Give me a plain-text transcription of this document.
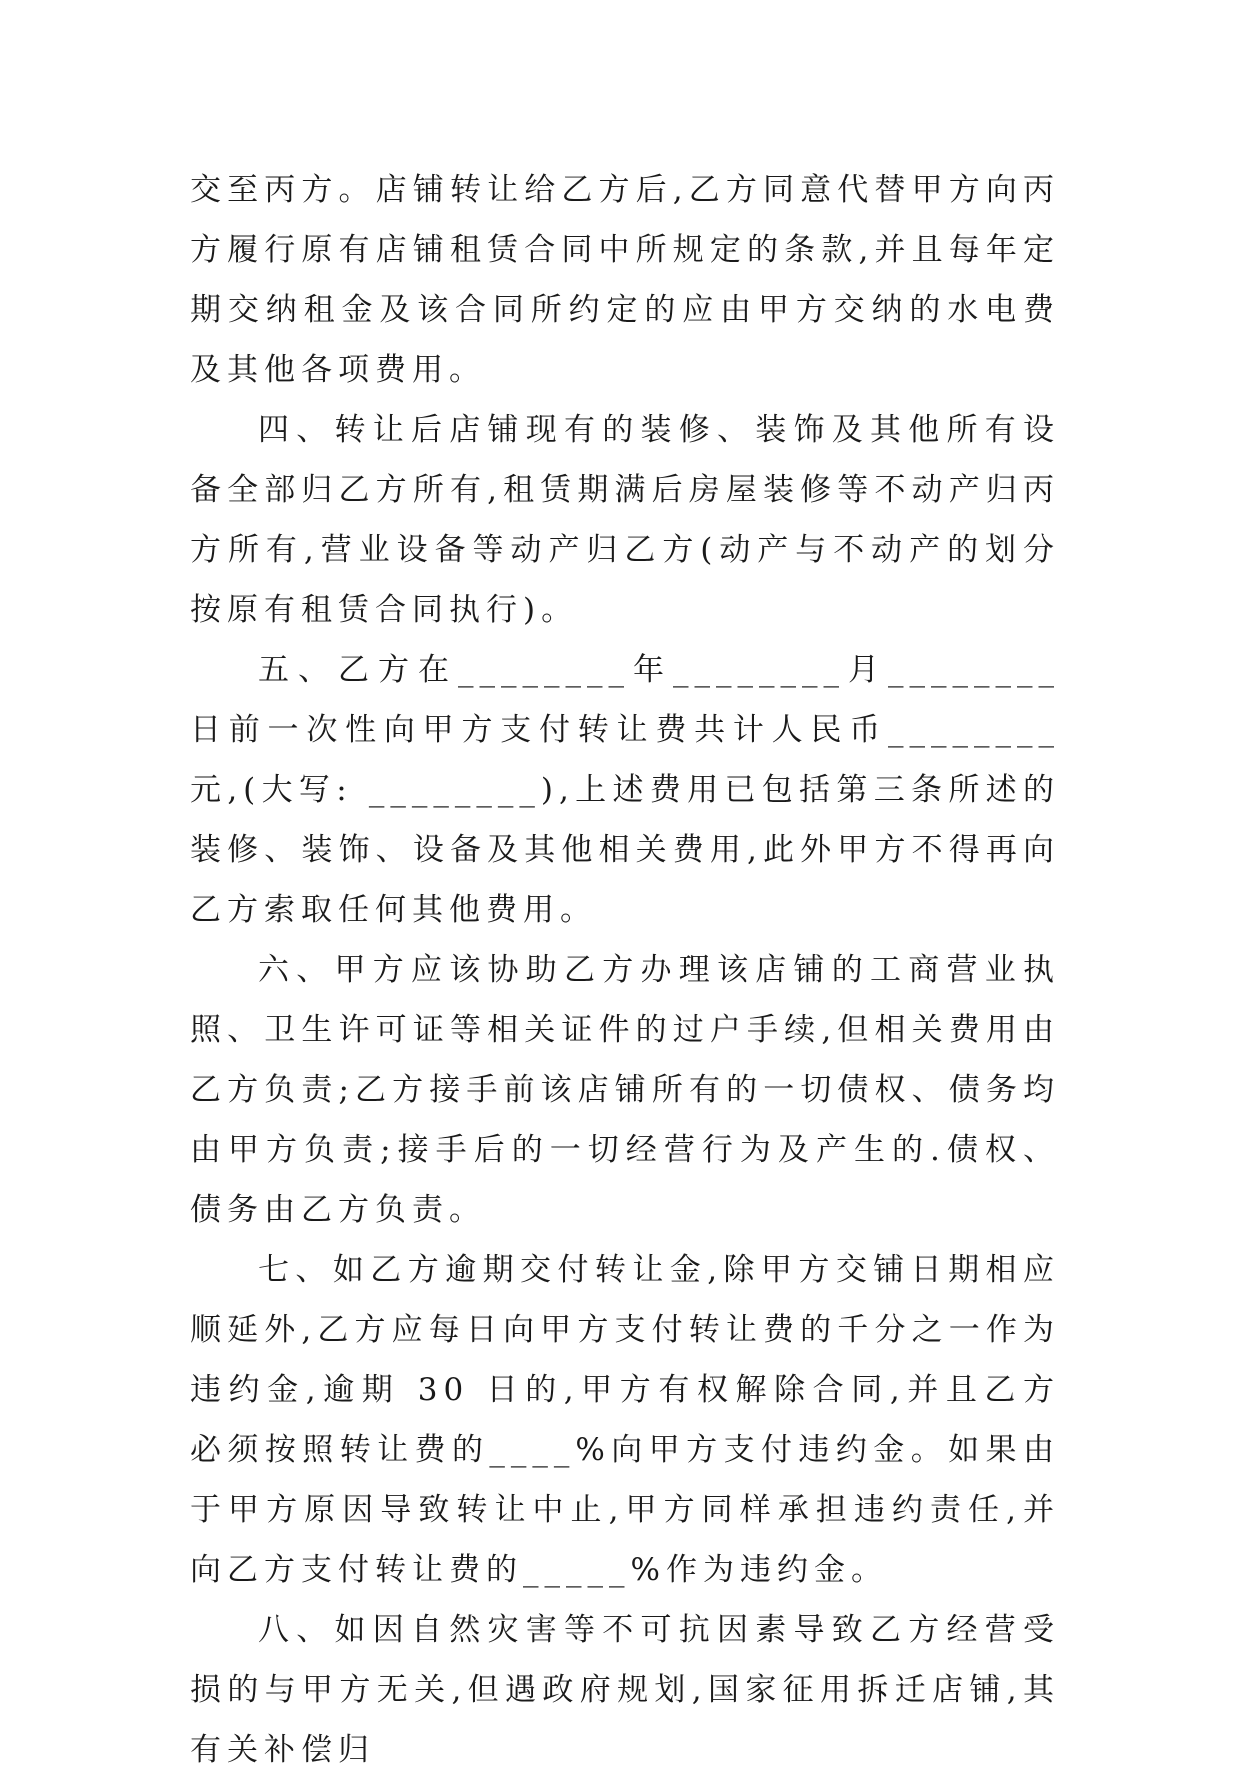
交至丙方。店铺转让给乙方后,乙方同意代替甲方向丙方履行原有店铺租赁合同中所规定的条款,并且每年定期交纳租金及该合同所约定的应由甲方交纳的水电费及其他各项费用。

四、转让后店铺现有的装修、装饰及其他所有设备全部归乙方所有,租赁期满后房屋装修等不动产归丙方所有,营业设备等动产归乙方(动产与不动产的划分按原有租赁合同执行)。

五、乙方在________年________月________日前一次性向甲方支付转让费共计人民币________元,(大写: ________),上述费用已包括第三条所述的装修、装饰、设备及其他相关费用,此外甲方不得再向乙方索取任何其他费用。

六、甲方应该协助乙方办理该店铺的工商营业执照、卫生许可证等相关证件的过户手续,但相关费用由乙方负责;乙方接手前该店铺所有的一切债权、债务均由甲方负责;接手后的一切经营行为及产生的.债权、债务由乙方负责。

七、如乙方逾期交付转让金,除甲方交铺日期相应顺延外,乙方应每日向甲方支付转让费的千分之一作为违约金,逾期 30 日的,甲方有权解除合同,并且乙方必须按照转让费的____%向甲方支付违约金。如果由于甲方原因导致转让中止,甲方同样承担违约责任,并向乙方支付转让费的_____%作为违约金。

八、如因自然灾害等不可抗因素导致乙方经营受损的与甲方无关,但遇政府规划,国家征用拆迁店铺,其有关补偿归
